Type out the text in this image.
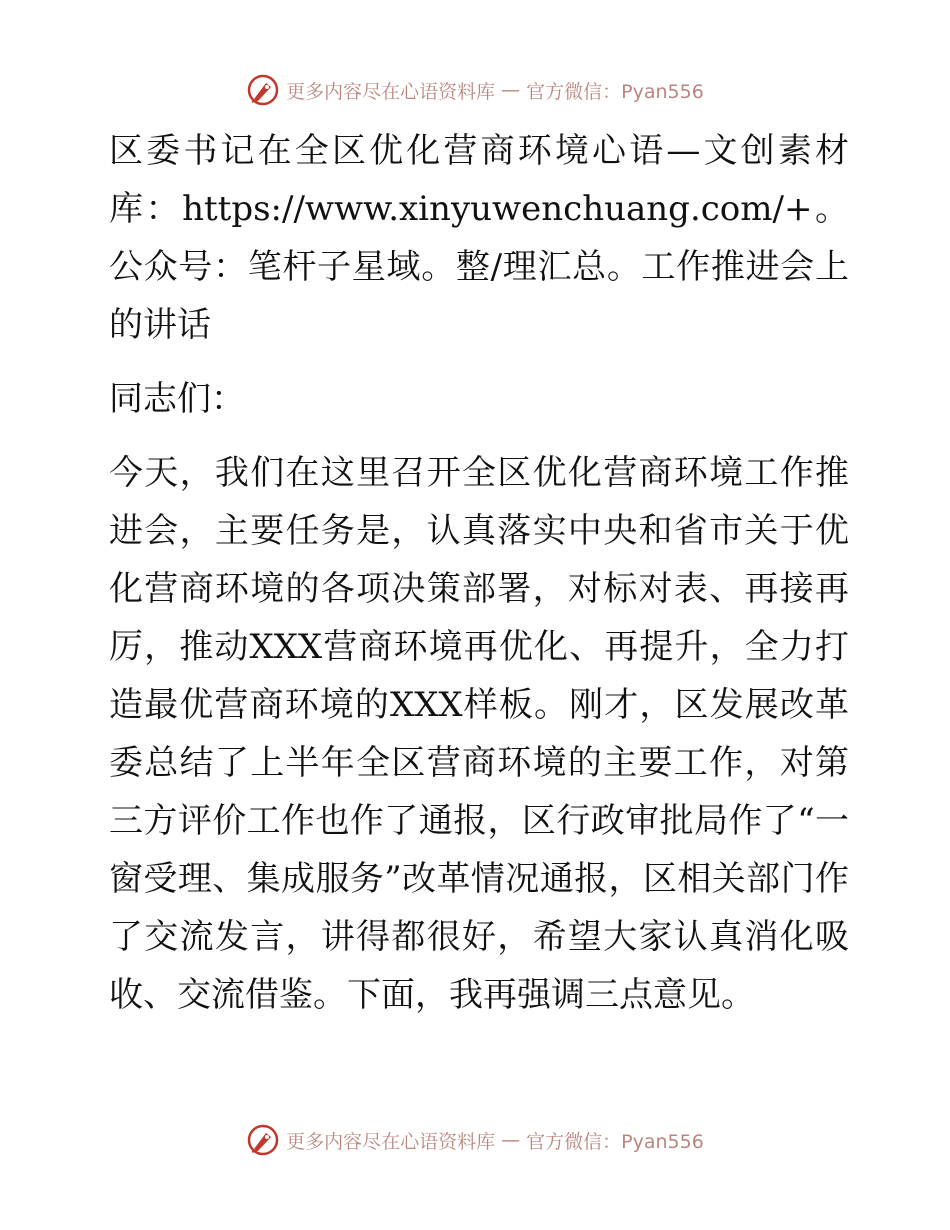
更多内容尽在心语资料库 — 官方微信：Pyan556

区委书记在全区优化营商环境心语—文创素材库：https://www.xinyuwenchuang.com/+。公众号：笔杆子星域。整/理汇总。工作推进会上的讲话

同志们：

今天，我们在这里召开全区优化营商环境工作推进会，主要任务是，认真落实中央和省市关于优化营商环境的各项决策部署，对标对表、再接再厉，推动XXX营商环境再优化、再提升，全力打造最优营商环境的XXX样板。刚才，区发展改革委总结了上半年全区营商环境的主要工作，对第三方评价工作也作了通报，区行政审批局作了“一窗受理、集成服务”改革情况通报，区相关部门作了交流发言，讲得都很好，希望大家认真消化吸收、交流借鉴。下面，我再强调三点意见。

更多内容尽在心语资料库 — 官方微信：Pyan556
